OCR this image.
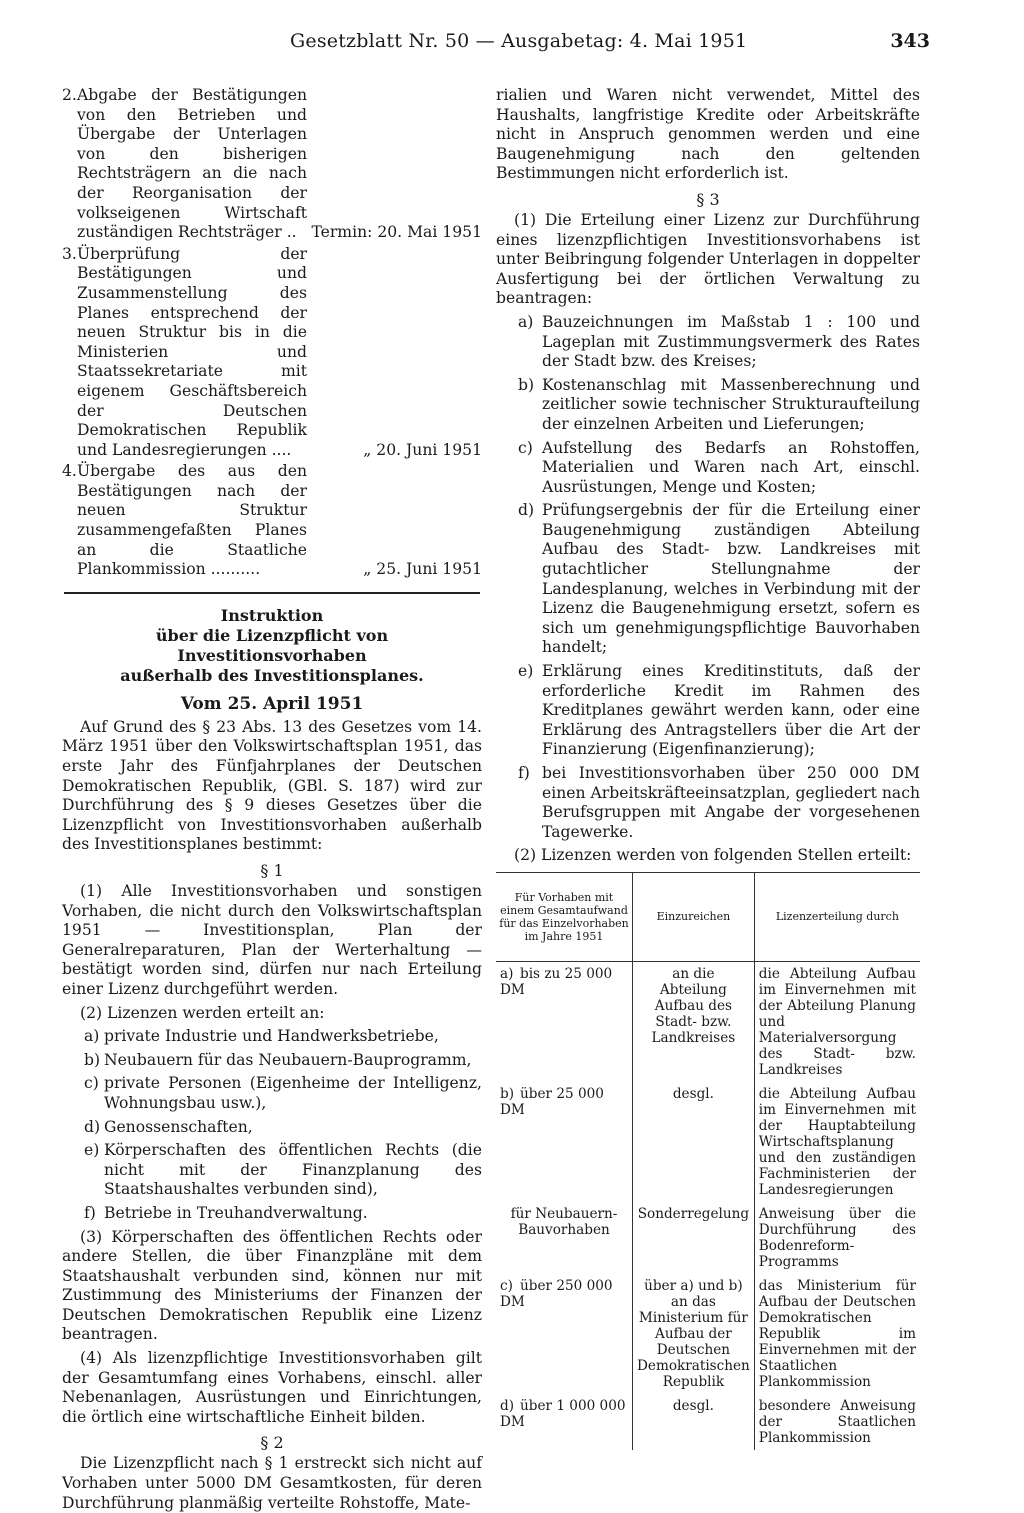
Gesetzblatt Nr. 50 — Ausgabetag: 4. Mai 1951	343
2. Abgabe der Bestätigungen von den Betrieben und Übergabe der Unterlagen von den bisherigen Rechtsträgern an die nach der Reorganisation der volkseigenen Wirtschaft zuständigen Rechtsträger .. Termin: 20. Mai 1951
3. Überprüfung der Bestätigungen und Zusammenstellung des Planes entsprechend der neuen Struktur bis in die Ministerien und Staatssekretariate mit eigenem Geschäftsbereich der Deutschen Demokratischen Republik und Landesregierungen ....	„ 20. Juni 1951
4. Übergabe des aus den Bestätigungen nach der neuen Struktur zusammengefaßten Planes an die Staatliche Plankommission ..........	„ 25. Juni 1951
Instruktion
über die Lizenzpflicht von Investitionsvorhaben
außerhalb des Investitionsplanes.
Vom 25. April 1951

Auf Grund des § 23 Abs. 13 des Gesetzes vom 14. März 1951 über den Volkswirtschaftsplan 1951, das erste Jahr des Fünfjahrplanes der Deutschen Demokratischen Republik, (GBl. S. 187) wird zur Durchführung des § 9 dieses Gesetzes über die Lizenzpflicht von Investitionsvorhaben außerhalb des Investitionsplanes bestimmt:

§ 1

(1) Alle Investitionsvorhaben und sonstigen Vorhaben, die nicht durch den Volkswirtschaftsplan 1951 — Investitionsplan, Plan der Generalreparaturen, Plan der Werterhaltung — bestätigt worden sind, dürfen nur nach Erteilung einer Lizenz durchgeführt werden.

(2) Lizenzen werden erteilt an:

a) private Industrie und Handwerksbetriebe,

b) Neubauern für das Neubauern-Bauprogramm,

c) private Personen (Eigenheime der Intelligenz, Wohnungsbau usw.),

d) Genossenschaften,

e) Körperschaften des öffentlichen Rechts (die nicht mit der Finanzplanung des Staatshaushaltes verbunden sind),

f) Betriebe in Treuhandverwaltung.

(3) Körperschaften des öffentlichen Rechts oder andere Stellen, die über Finanzpläne mit dem Staatshaushalt verbunden sind, können nur mit Zustimmung des Ministeriums der Finanzen der Deutschen Demokratischen Republik eine Lizenz beantragen.

(4) Als lizenzpflichtige Investitionsvorhaben gilt der Gesamtumfang eines Vorhabens, einschl. aller Nebenanlagen, Ausrüstungen und Einrichtungen, die örtlich eine wirtschaftliche Einheit bilden.

§ 2

Die Lizenzpflicht nach § 1 erstreckt sich nicht auf Vorhaben unter 5000 DM Gesamtkosten, für deren Durchführung planmäßig verteilte Rohstoffe, Mate-

rialien und Waren nicht verwendet, Mittel des Haushalts, langfristige Kredite oder Arbeitskräfte nicht in Anspruch genommen werden und eine Baugenehmigung nach den geltenden Bestimmungen nicht erforderlich ist.

§ 3

(1) Die Erteilung einer Lizenz zur Durchführung eines lizenzpflichtigen Investitionsvorhabens ist unter Beibringung folgender Unterlagen in doppelter Ausfertigung bei der örtlichen Verwaltung zu beantragen:

a) Bauzeichnungen im Maßstab 1 : 100 und Lageplan mit Zustimmungsvermerk des Rates der Stadt bzw. des Kreises;

b) Kostenanschlag mit Massenberechnung und zeitlicher sowie technischer Strukturaufteilung der einzelnen Arbeiten und Lieferungen;

c) Aufstellung des Bedarfs an Rohstoffen, Materialien und Waren nach Art, einschl. Ausrüstungen, Menge und Kosten;

d) Prüfungsergebnis der für die Erteilung einer Baugenehmigung zuständigen Abteilung Aufbau des Stadt- bzw. Landkreises mit gutachtlicher Stellungnahme der Landesplanung, welches in Verbindung mit der Lizenz die Baugenehmigung ersetzt, sofern es sich um genehmigungspflichtige Bauvorhaben handelt;

e) Erklärung eines Kreditinstituts, daß der erforderliche Kredit im Rahmen des Kreditplanes gewährt werden kann, oder eine Erklärung des Antragstellers über die Art der Finanzierung (Eigenfinanzierung);

f) bei Investitionsvorhaben über 250 000 DM einen Arbeitskräfteeinsatzplan, gegliedert nach Berufsgruppen mit Angabe der vorgesehenen Tagewerke.

(2) Lizenzen werden von folgenden Stellen erteilt:

Für Vorhaben mit einem Gesamtaufwand für das Einzelvorhaben im Jahre 1951	Einzureichen	Lizenzerteilung durch
a) bis zu 25 000 DM	an die Abteilung Aufbau des Stadt- bzw. Landkreises	die Abteilung Aufbau im Einvernehmen mit der Abteilung Planung und Materialversorgung des Stadt- bzw. Landkreises
b) über 25 000 DM	desgl.	die Abteilung Aufbau im Einvernehmen mit der Hauptabteilung Wirtschaftsplanung und den zuständigen Fachministerien der Landesregierungen
für Neubauern-Bauvorhaben	Sonderregelung	Anweisung über die Durchführung des Bodenreform-Programms
c) über 250 000 DM	über a) und b) an das Ministerium für Aufbau der Deutschen Demokratischen Republik	das Ministerium für Aufbau der Deutschen Demokratischen Republik im Einvernehmen mit der Staatlichen Plankommission
d) über 1 000 000 DM	desgl.	besondere Anweisung der Staatlichen Plankommission
